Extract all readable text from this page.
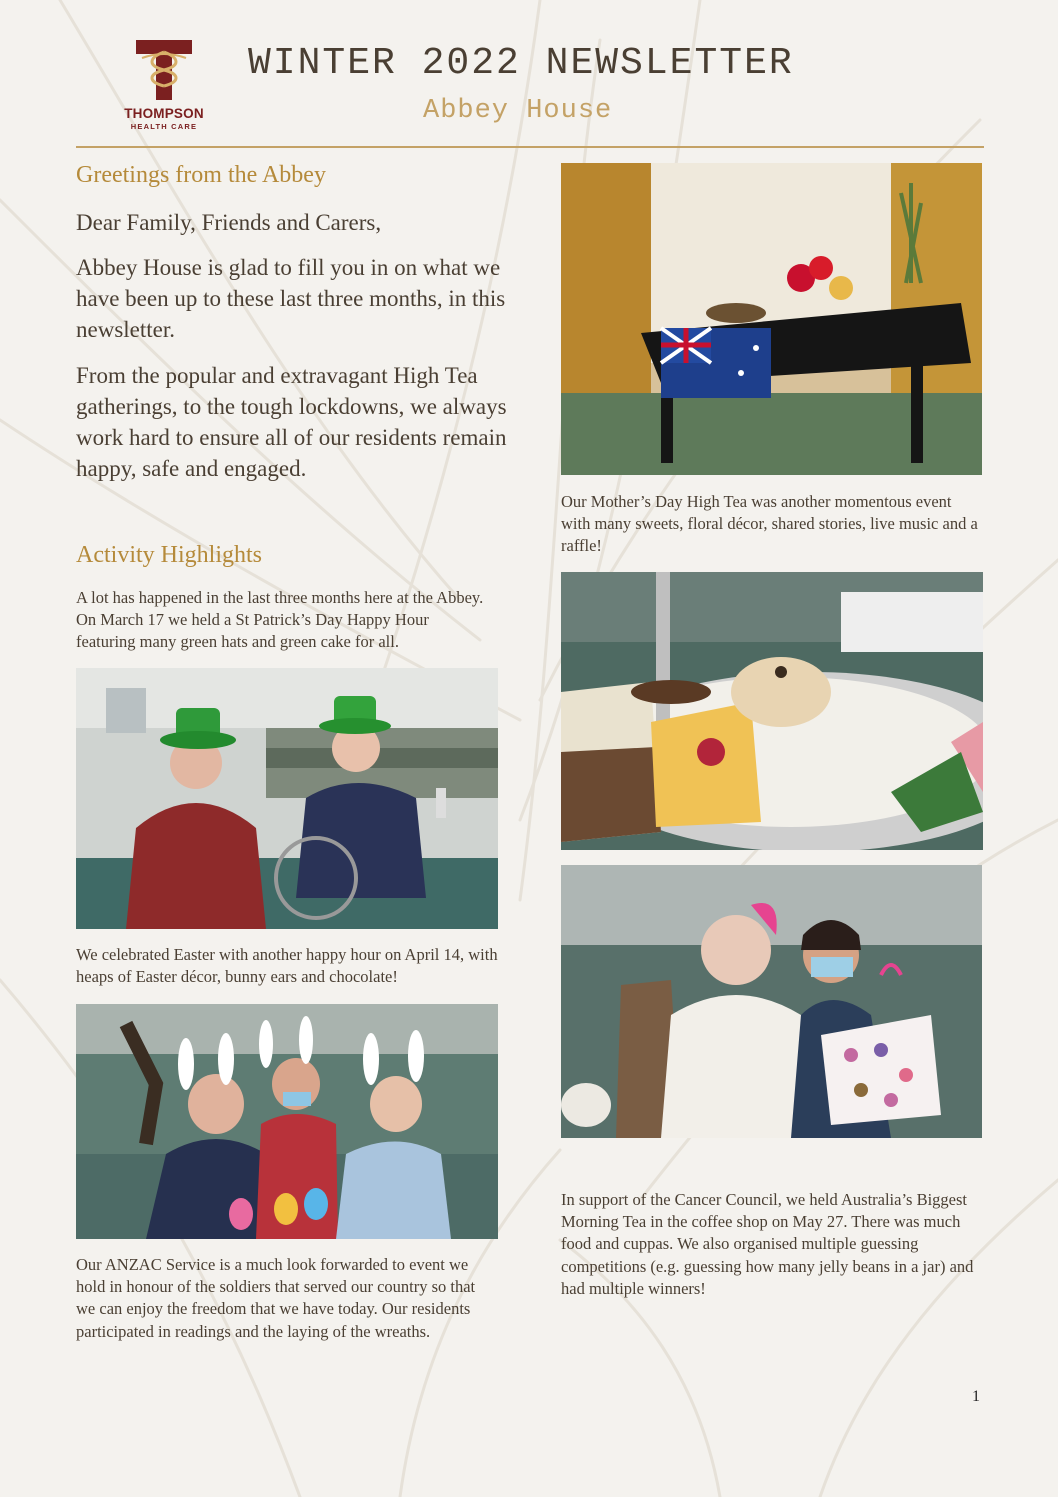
THOMPSON
HEALTH CARE
WINTER 2022 NEWSLETTER
Abbey House
Greetings from the Abbey
Dear Family, Friends and Carers,
Abbey House is glad to fill you in on what we have been up to these last three months, in this newsletter.
From the popular and extravagant High Tea gatherings, to the tough lockdowns, we always work hard to ensure all of our residents remain happy, safe and engaged.
Activity Highlights
A lot has happened in the last three months here at the Abbey. On March 17 we held a St Patrick’s Day Happy Hour featuring many green hats and green cake for all.
We celebrated Easter with another happy hour on April 14, with heaps of Easter décor, bunny ears and chocolate!
Our ANZAC Service is a much look forwarded to event we hold in honour of the soldiers that served our country so that we can enjoy the freedom that we have today. Our residents participated in readings and the laying of the wreaths.
Our Mother’s Day High Tea was another momentous event with many sweets, floral décor, shared stories, live music and a raffle!
In support of the Cancer Council, we held Australia’s Biggest Morning Tea in the coffee shop on May 27. There was much food and cuppas. We also organised multiple guessing competitions (e.g. guessing how many jelly beans in a jar) and had multiple winners!
1
